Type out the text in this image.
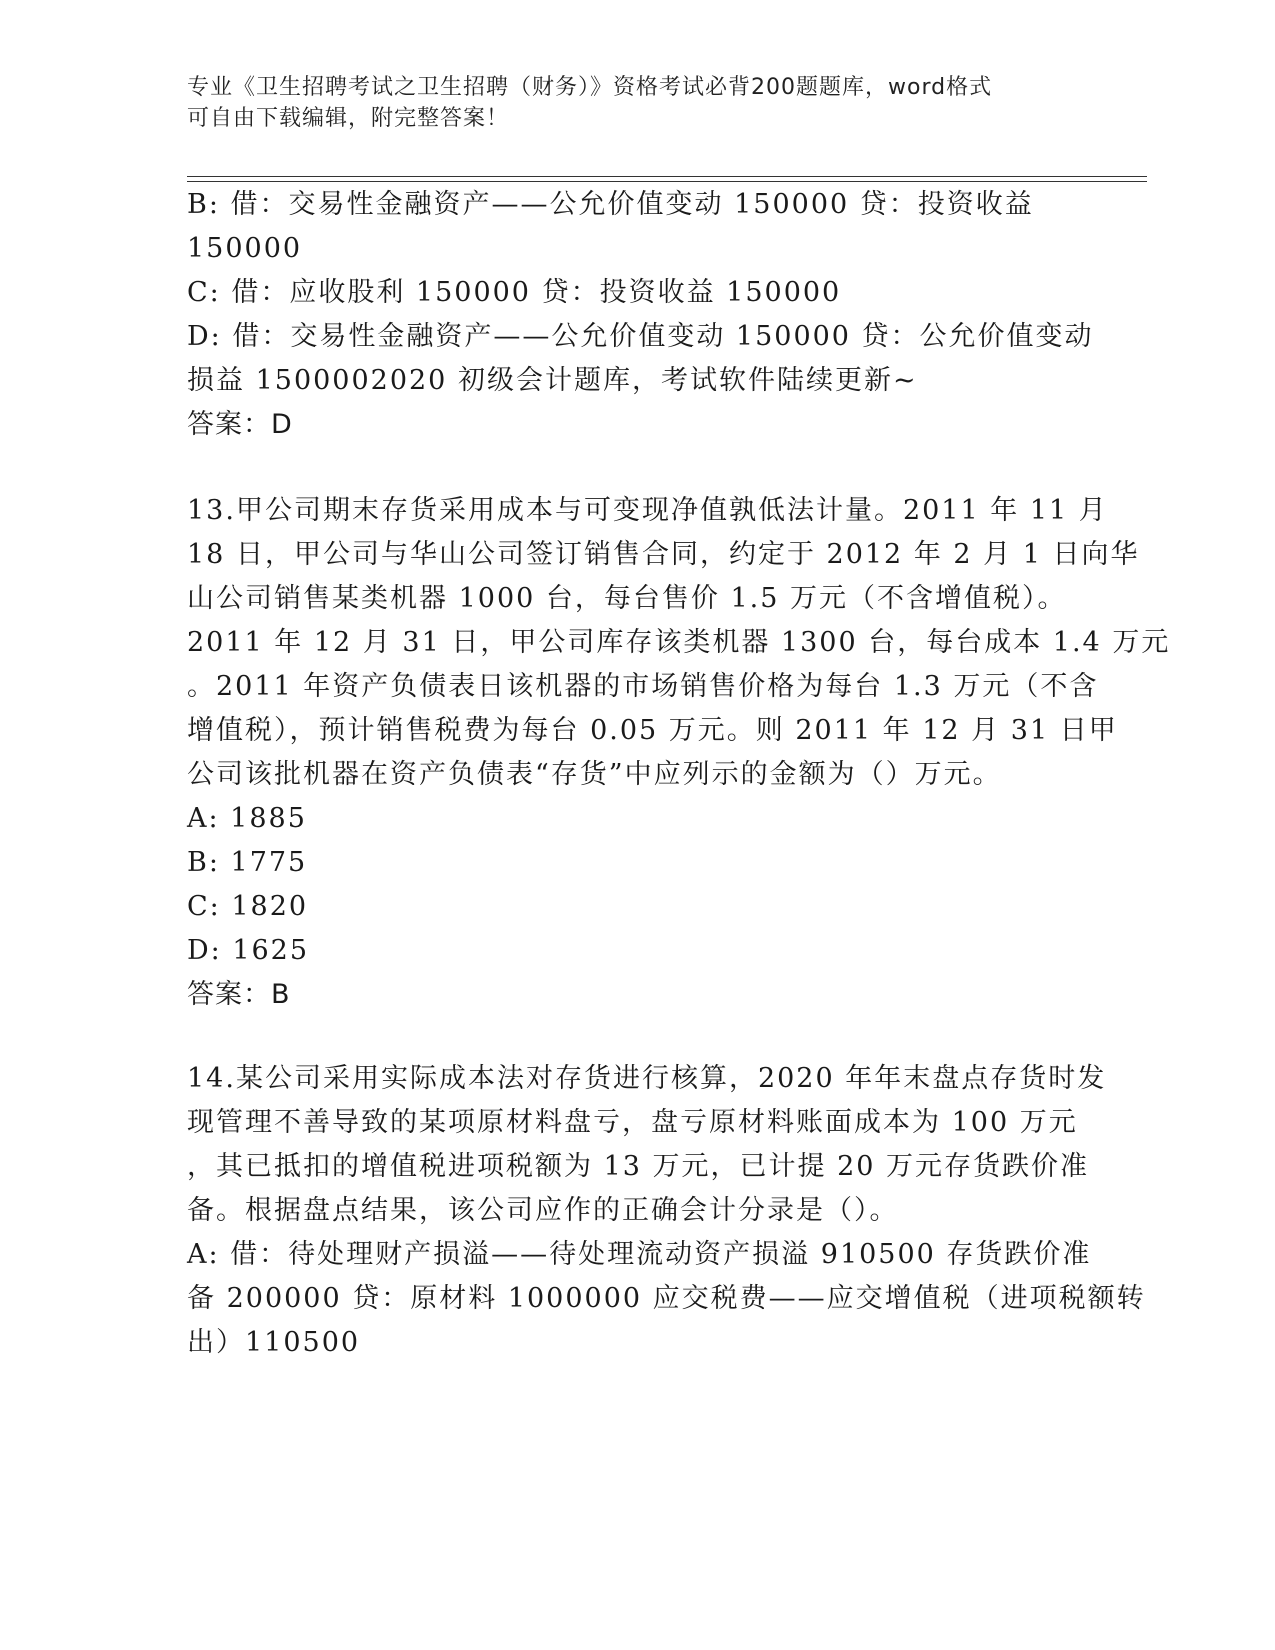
专业《卫生招聘考试之卫生招聘（财务）》资格考试必背200题题库，word格式
可自由下载编辑，附完整答案！
B: 借：交易性金融资产——公允价值变动 150000 贷：投资收益
150000
C: 借：应收股利 150000 贷：投资收益 150000
D: 借：交易性金融资产——公允价值变动 150000 贷：公允价值变动
损益 1500002020 初级会计题库，考试软件陆续更新~
答案：D
13.甲公司期末存货采用成本与可变现净值孰低法计量。2011 年 11 月
18 日，甲公司与华山公司签订销售合同，约定于 2012 年 2 月 1 日向华
山公司销售某类机器 1000 台，每台售价 1.5 万元（不含增值税）。
2011 年 12 月 31 日，甲公司库存该类机器 1300 台，每台成本 1.4 万元
。2011 年资产负债表日该机器的市场销售价格为每台 1.3 万元（不含
增值税），预计销售税费为每台 0.05 万元。则 2011 年 12 月 31 日甲
公司该批机器在资产负债表“存货”中应列示的金额为（）万元。
A: 1885
B: 1775
C: 1820
D: 1625
答案：B
14.某公司采用实际成本法对存货进行核算，2020 年年末盘点存货时发
现管理不善导致的某项原材料盘亏，盘亏原材料账面成本为 100 万元
，其已抵扣的增值税进项税额为 13 万元，已计提 20 万元存货跌价准
备。根据盘点结果，该公司应作的正确会计分录是（）。
A: 借：待处理财产损溢——待处理流动资产损溢 910500 存货跌价准
备 200000 贷：原材料 1000000 应交税费——应交增值税（进项税额转
出）110500
